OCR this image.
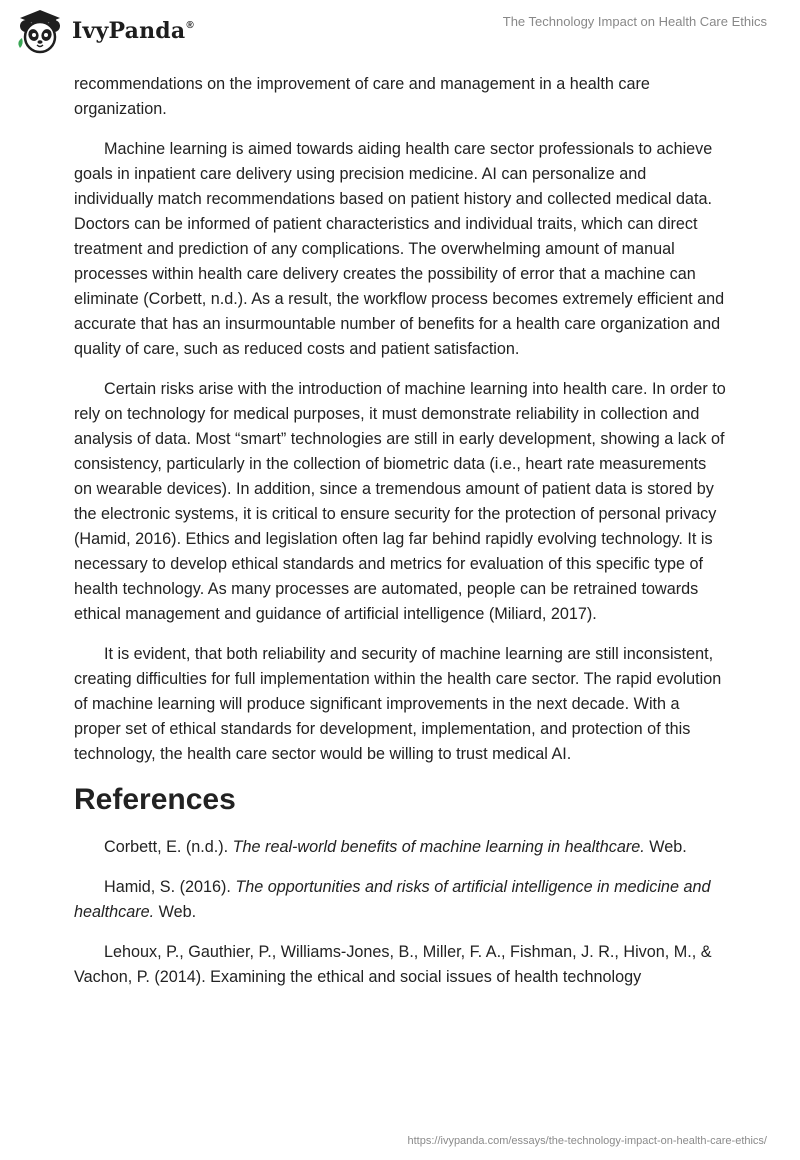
IvyPanda®	The Technology Impact on Health Care Ethics

recommendations on the improvement of care and management in a health care organization.

Machine learning is aimed towards aiding health care sector professionals to achieve goals in inpatient care delivery using precision medicine. AI can personalize and individually match recommendations based on patient history and collected medical data. Doctors can be informed of patient characteristics and individual traits, which can direct treatment and prediction of any complications. The overwhelming amount of manual processes within health care delivery creates the possibility of error that a machine can eliminate (Corbett, n.d.). As a result, the workflow process becomes extremely efficient and accurate that has an insurmountable number of benefits for a health care organization and quality of care, such as reduced costs and patient satisfaction.

Certain risks arise with the introduction of machine learning into health care. In order to rely on technology for medical purposes, it must demonstrate reliability in collection and analysis of data. Most “smart” technologies are still in early development, showing a lack of consistency, particularly in the collection of biometric data (i.e., heart rate measurements on wearable devices). In addition, since a tremendous amount of patient data is stored by the electronic systems, it is critical to ensure security for the protection of personal privacy (Hamid, 2016). Ethics and legislation often lag far behind rapidly evolving technology. It is necessary to develop ethical standards and metrics for evaluation of this specific type of health technology. As many processes are automated, people can be retrained towards ethical management and guidance of artificial intelligence (Miliard, 2017).

It is evident, that both reliability and security of machine learning are still inconsistent, creating difficulties for full implementation within the health care sector. The rapid evolution of machine learning will produce significant improvements in the next decade. With a proper set of ethical standards for development, implementation, and protection of this technology, the health care sector would be willing to trust medical AI.

References

Corbett, E. (n.d.). The real-world benefits of machine learning in healthcare. Web.

Hamid, S. (2016). The opportunities and risks of artificial intelligence in medicine and healthcare. Web.

Lehoux, P., Gauthier, P., Williams-Jones, B., Miller, F. A., Fishman, J. R., Hivon, M., & Vachon, P. (2014). Examining the ethical and social issues of health technology

https://ivypanda.com/essays/the-technology-impact-on-health-care-ethics/
